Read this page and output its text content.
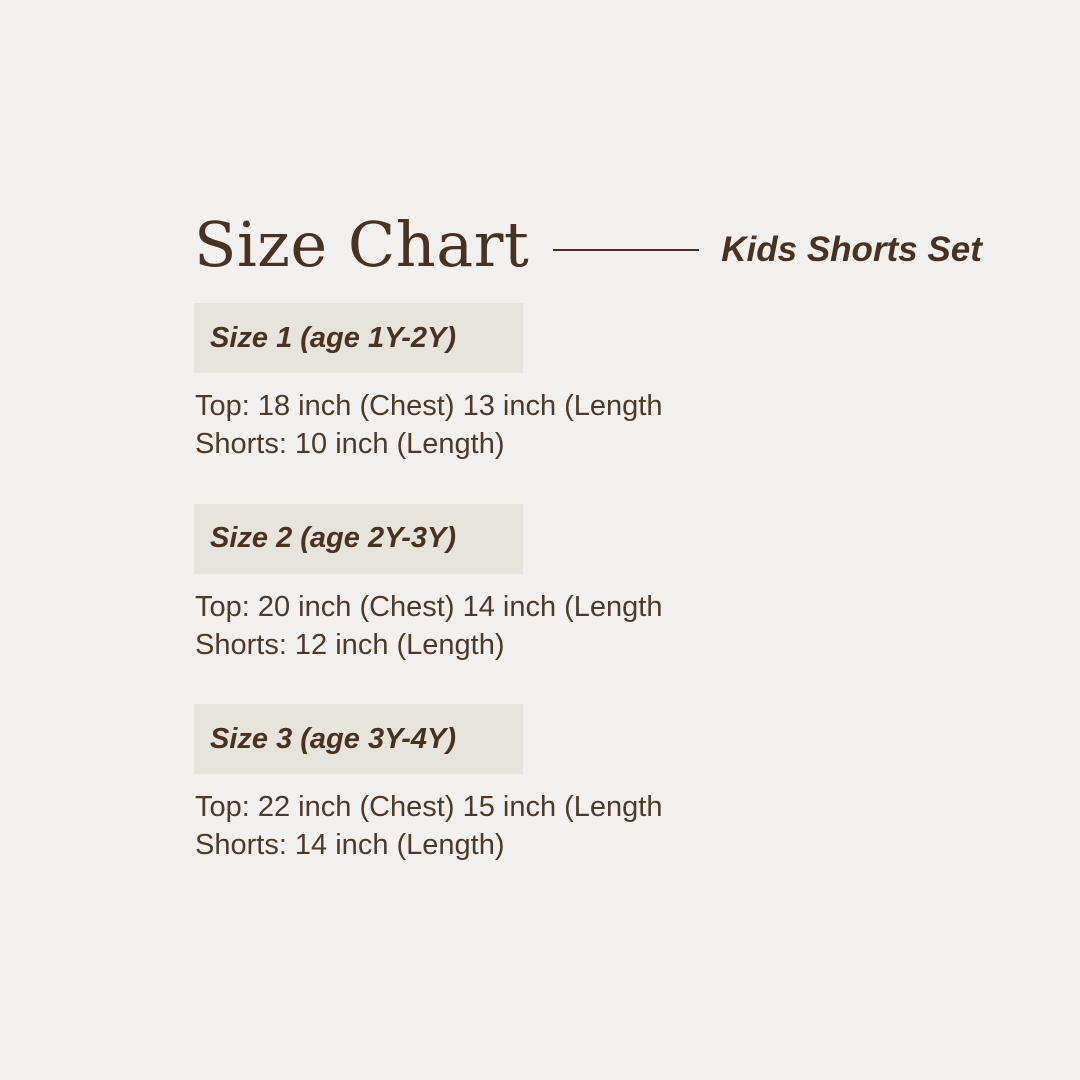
Size Chart	Kids Shorts Set
Size 1 (age 1Y-2Y)
Top: 18 inch (Chest) 13 inch (Length
Shorts: 10 inch (Length)
Size 2 (age 2Y-3Y)
Top: 20 inch (Chest) 14 inch (Length
Shorts: 12 inch (Length)
Size 3 (age 3Y-4Y)
Top: 22 inch (Chest) 15 inch (Length
Shorts: 14 inch (Length)
